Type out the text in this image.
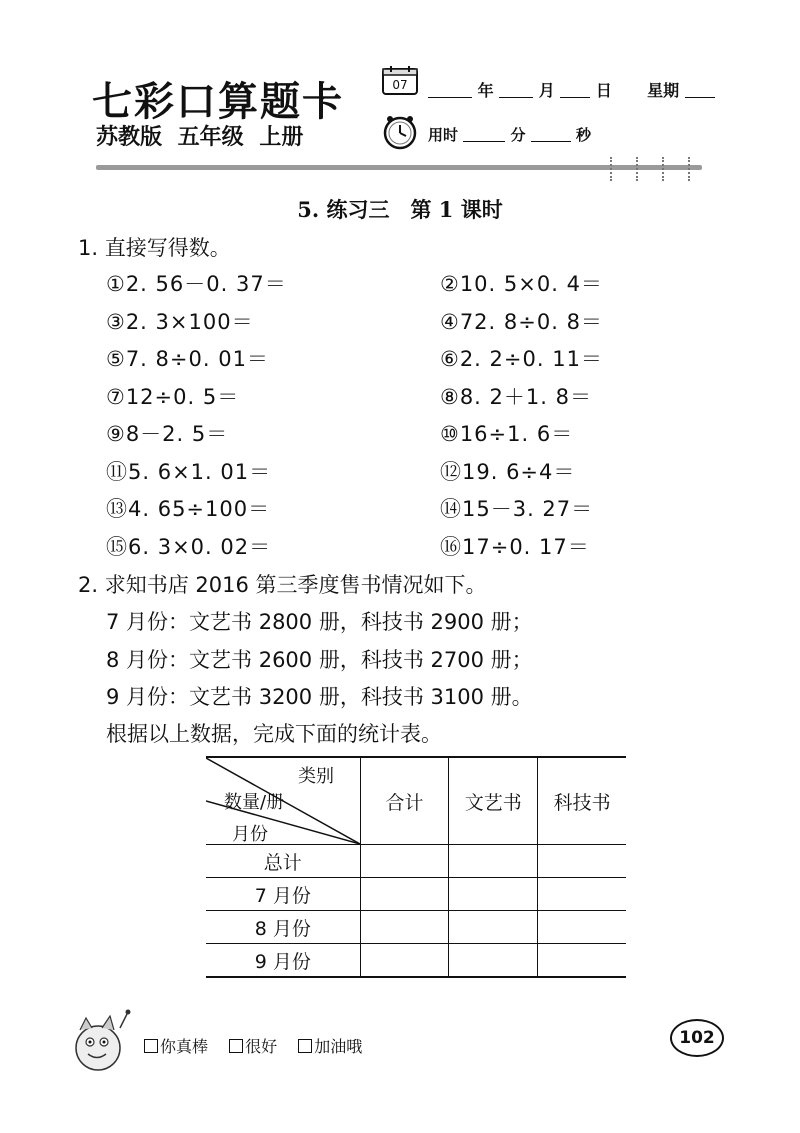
七彩口算题卡
苏教版 五年级 上册
07	年	月	日 星期
用时	分	秒
5. 练习三　第 1 课时
1. 直接写得数。
①2. 56－0. 37＝
③2. 3×100＝
⑤7. 8÷0. 01＝
⑦12÷0. 5＝
⑨8－2. 5＝
⑪5. 6×1. 01＝
⑬4. 65÷100＝
⑮6. 3×0. 02＝
②10. 5×0. 4＝
④72. 8÷0. 8＝
⑥2. 2÷0. 11＝
⑧8. 2＋1. 8＝
⑩16÷1. 6＝
⑫19. 6÷4＝
⑭15－3. 27＝
⑯17÷0. 17＝
2. 求知书店 2016 第三季度售书情况如下。
7 月份：文艺书 2800 册，科技书 2900 册；
8 月份：文艺书 2600 册，科技书 2700 册；
9 月份：文艺书 3200 册，科技书 3100 册。
根据以上数据，完成下面的统计表。
类别
数量/册
月份	合计	文艺书	科技书
总计			
7 月份			
8 月份			
9 月份			
你真棒 很好 加油哦	102
